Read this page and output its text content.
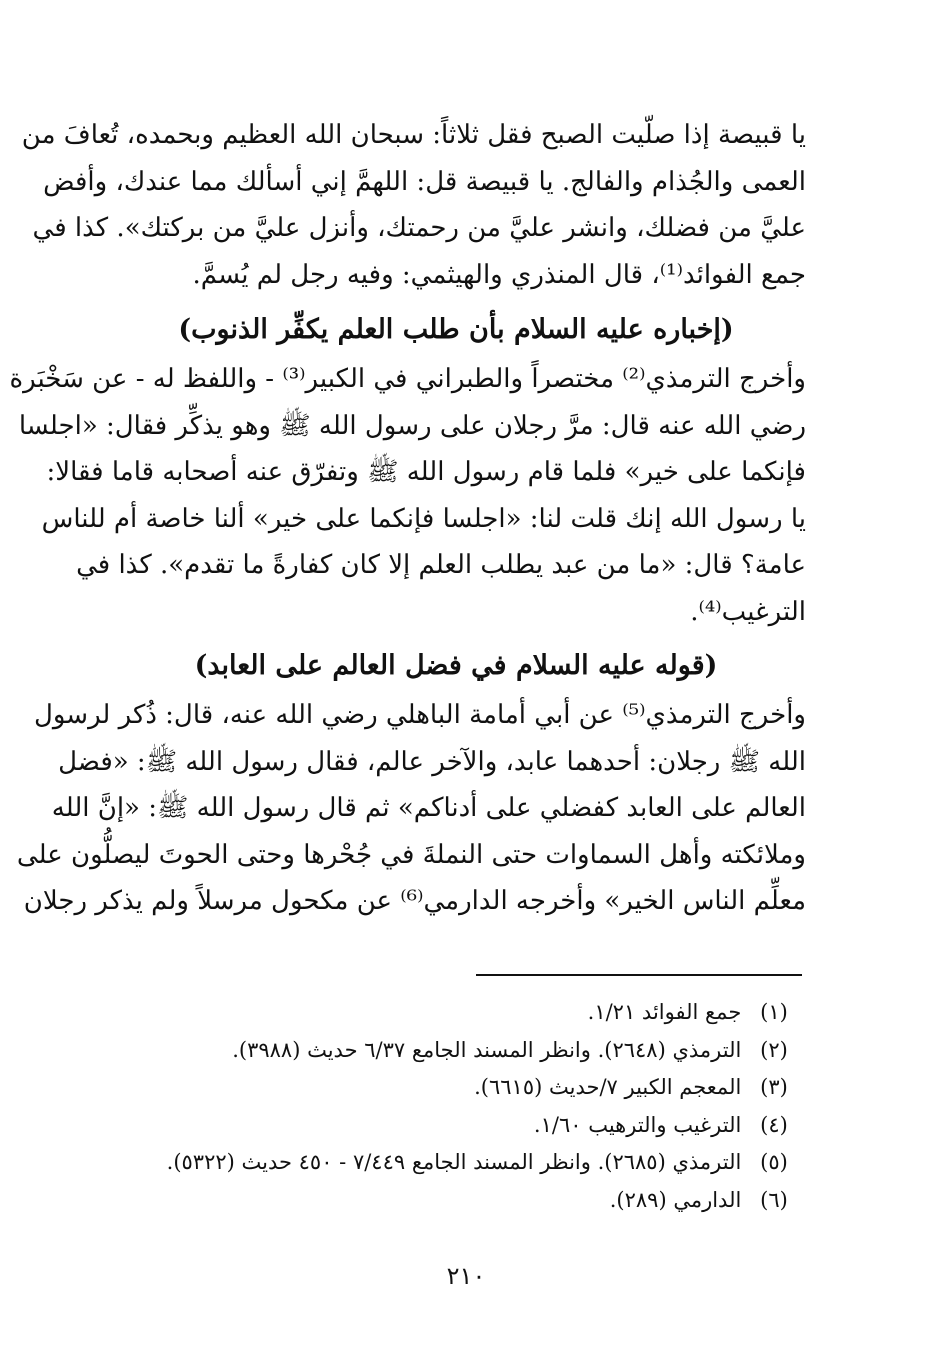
يا قبيصة إذا صلّيت الصبح فقل ثلاثاً: سبحان الله العظيم وبحمده، تُعافَ من
العمى والجُذام والفالج. يا قبيصة قل: اللهمَّ إني أسألك مما عندك، وأفض
عليَّ من فضلك، وانشر عليَّ من رحمتك، وأنزل عليَّ من بركتك». كذا في
جمع الفوائد⁽¹⁾، قال المنذري والهيثمي: وفيه رجل لم يُسمَّ.
(إخباره عليه السلام بأن طلب العلم يكفِّر الذنوب)
وأخرج الترمذي⁽²⁾ مختصراً والطبراني في الكبير⁽³⁾ - واللفظ له - عن سَخْبَرة
رضي الله عنه قال: مرَّ رجلان على رسول الله ﷺ وهو يذكِّر فقال: «اجلسا
فإنكما على خير» فلما قام رسول الله ﷺ وتفرّق عنه أصحابه قاما فقالا:
يا رسول الله إنك قلت لنا: «اجلسا فإنكما على خير» ألنا خاصة أم للناس
عامة؟ قال: «ما من عبد يطلب العلم إلا كان كفارةً ما تقدم». كذا في
الترغيب⁽⁴⁾.
(قوله عليه السلام في فضل العالم على العابد)
وأخرج الترمذي⁽⁵⁾ عن أبي أمامة الباهلي رضي الله عنه، قال: ذُكر لرسول
الله ﷺ رجلان: أحدهما عابد، والآخر عالم، فقال رسول الله ﷺ: «فضل
العالم على العابد كفضلي على أدناكم» ثم قال رسول الله ﷺ: «إنَّ الله
وملائكته وأهل السماوات حتى النملةَ في جُحْرها وحتى الحوتَ ليصلُّون على
معلِّم الناس الخير» وأخرجه الدارمي⁽⁶⁾ عن مكحول مرسلاً ولم يذكر رجلان
(١) جمع الفوائد ١/٢١.
(٢) الترمذي (٢٦٤٨). وانظر المسند الجامع ٦/٣٧ حديث (٣٩٨٨).
(٣) المعجم الكبير ٧/حديث (٦٦١٥).
(٤) الترغيب والترهيب ١/٦٠.
(٥) الترمذي (٢٦٨٥). وانظر المسند الجامع ٧/٤٤٩ - ٤٥٠ حديث (٥٣٢٢).
(٦) الدارمي (٢٨٩).
٢١٠
